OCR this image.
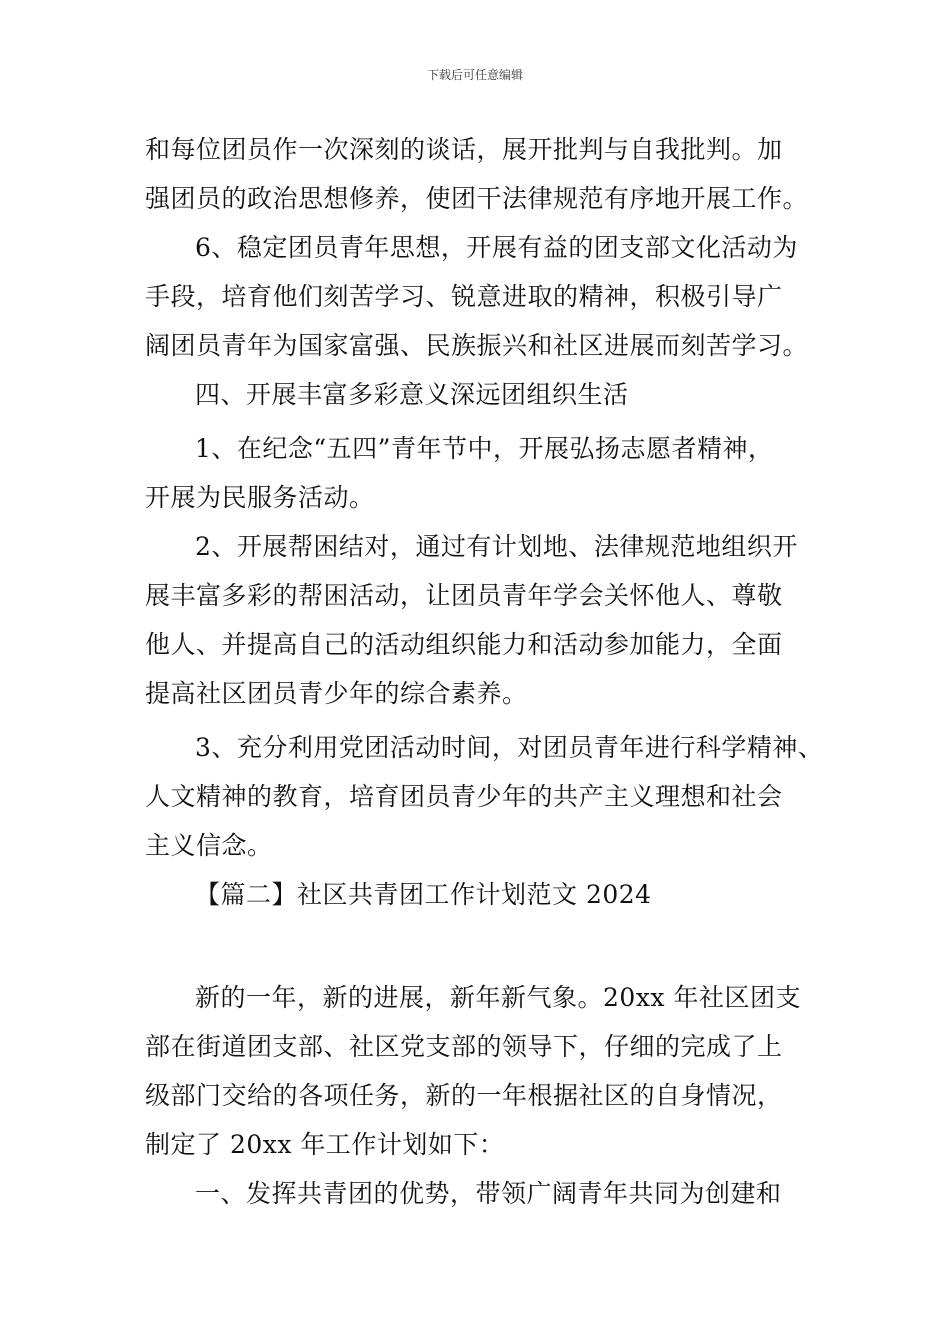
下载后可任意编辑
和每位团员作一次深刻的谈话，展开批判与自我批判。加
强团员的政治思想修养，使团干法律规范有序地开展工作。
6、稳定团员青年思想，开展有益的团支部文化活动为
手段，培育他们刻苦学习、锐意进取的精神，积极引导广
阔团员青年为国家富强、民族振兴和社区进展而刻苦学习。
四、开展丰富多彩意义深远团组织生活
1、在纪念“五四”青年节中，开展弘扬志愿者精神，
开展为民服务活动。
2、开展帮困结对，通过有计划地、法律规范地组织开
展丰富多彩的帮困活动，让团员青年学会关怀他人、尊敬
他人、并提高自己的活动组织能力和活动参加能力，全面
提高社区团员青少年的综合素养。
3、充分利用党团活动时间，对团员青年进行科学精神、
人文精神的教育，培育团员青少年的共产主义理想和社会
主义信念。
【篇二】社区共青团工作计划范文 2024
新的一年，新的进展，新年新气象。20xx 年社区团支
部在街道团支部、社区党支部的领导下，仔细的完成了上
级部门交给的各项任务，新的一年根据社区的自身情况，
制定了 20xx 年工作计划如下：
一、发挥共青团的优势，带领广阔青年共同为创建和
